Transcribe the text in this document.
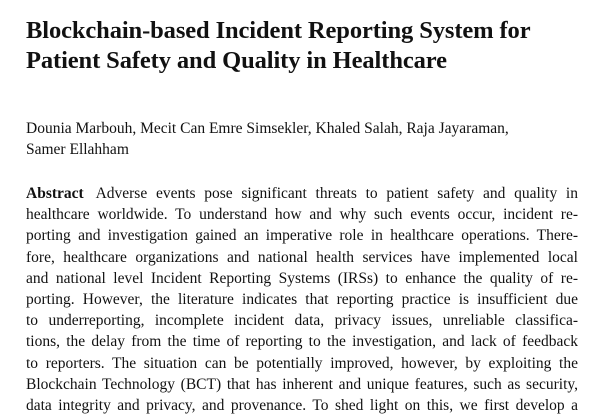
Blockchain-based Incident Reporting System for
Patient Safety and Quality in Healthcare
Dounia Marbouh, Mecit Can Emre Simsekler, Khaled Salah, Raja Jayaraman,
Samer Ellahham
Abstract Adverse events pose significant threats to patient safety and quality in
healthcare worldwide. To understand how and why such events occur, incident re-
porting and investigation gained an imperative role in healthcare operations. There-
fore, healthcare organizations and national health services have implemented local
and national level Incident Reporting Systems (IRSs) to enhance the quality of re-
porting. However, the literature indicates that reporting practice is insufficient due
to underreporting, incomplete incident data, privacy issues, unreliable classifica-
tions, the delay from the time of reporting to the investigation, and lack of feedback
to reporters. The situation can be potentially improved, however, by exploiting the
Blockchain Technology (BCT) that has inherent and unique features, such as security,
data integrity and privacy, and provenance. To shed light on this, we first develop a
